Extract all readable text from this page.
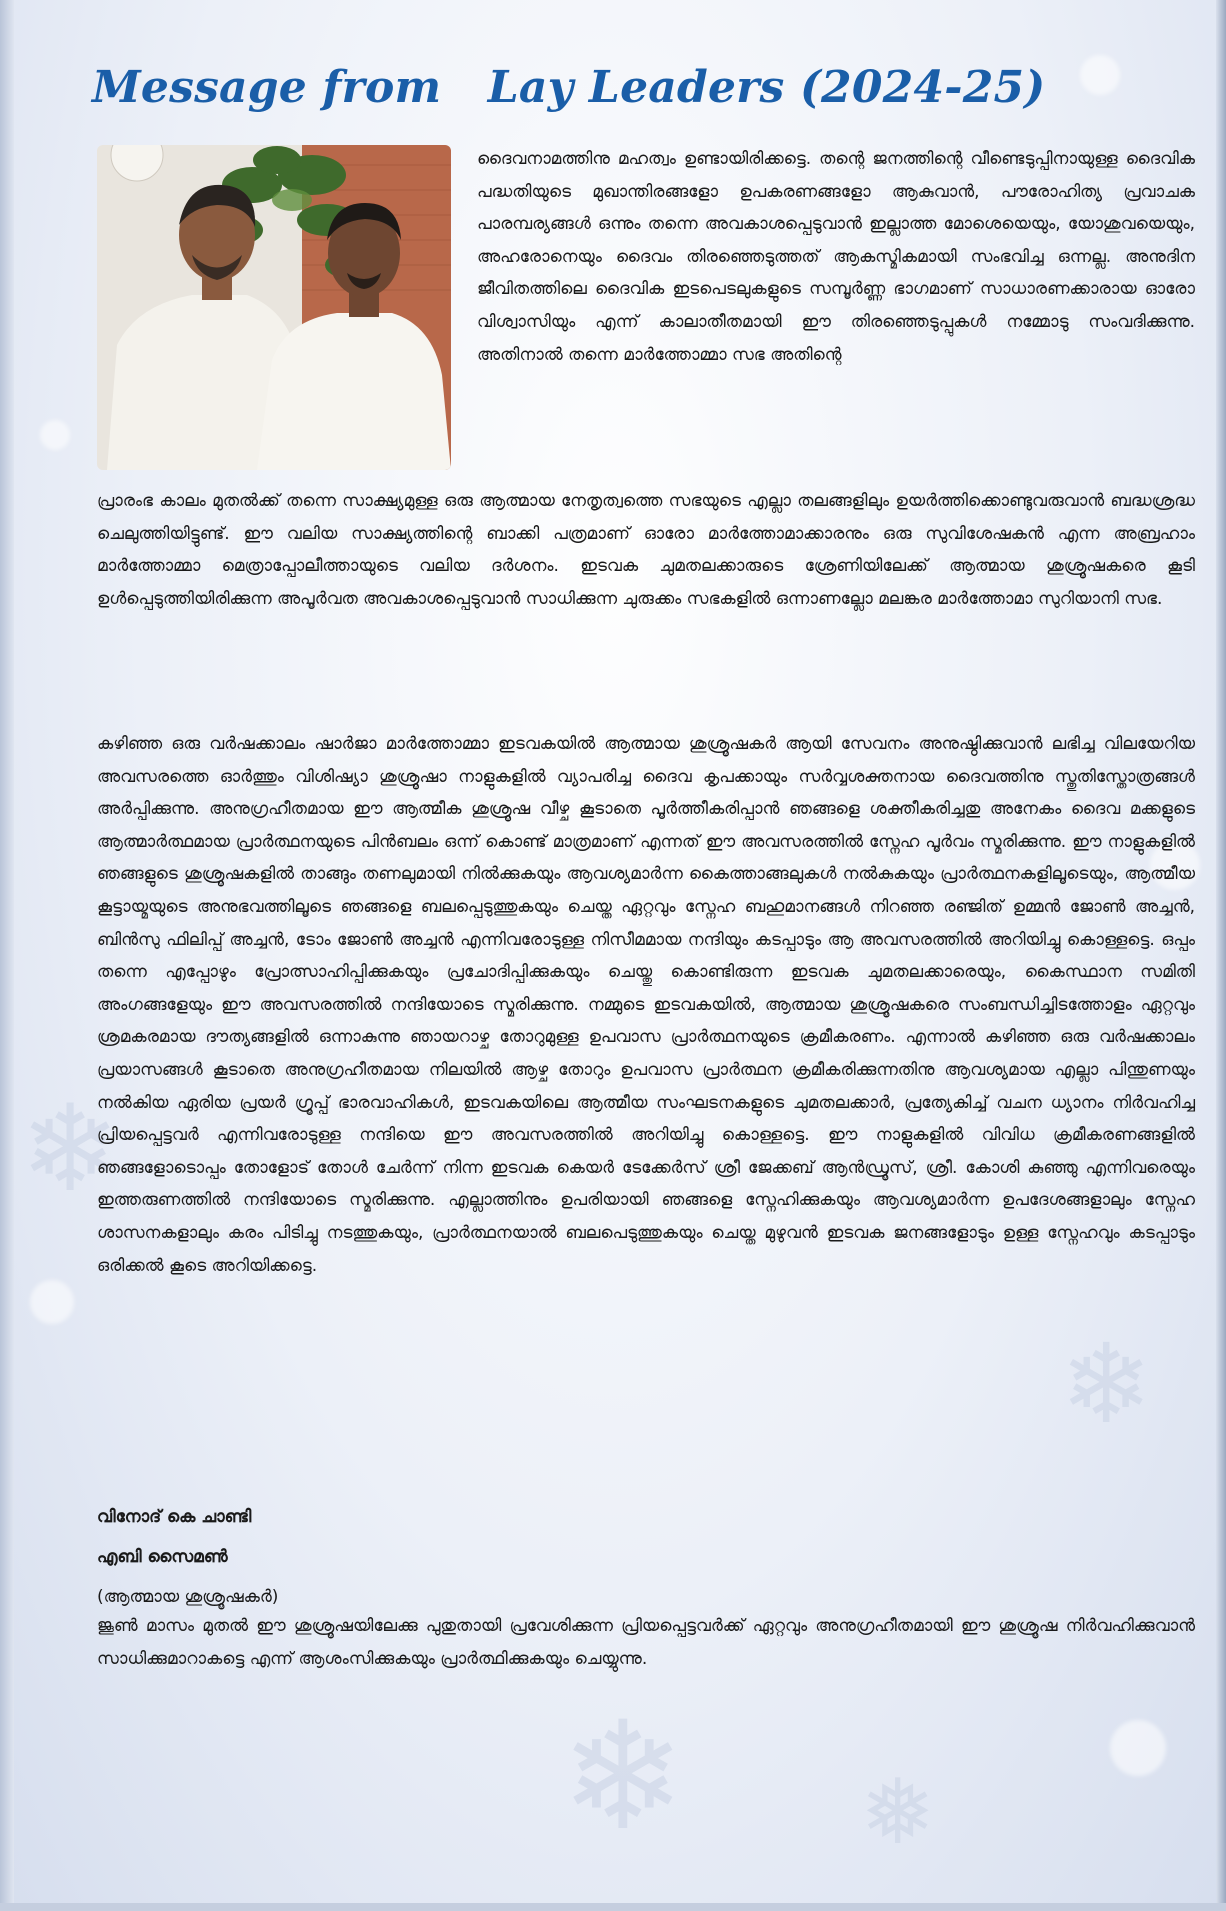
❄
❄
❄
❅
Message from   Lay Leaders (2024-25)
ദൈവനാമത്തിനു മഹത്വം ഉണ്ടായിരിക്കട്ടെ. തന്റെ ജനത്തിന്റെ വീണ്ടെടുപ്പിനായുള്ള ദൈവിക പദ്ധതിയുടെ മുഖാന്തിരങ്ങളോ ഉപകരണങ്ങളോ ആകുവാൻ, പൗരോഹിത്യ പ്രവാചക പാരമ്പര്യങ്ങൾ ഒന്നും തന്നെ അവകാശപ്പെടുവാൻ ഇല്ലാത്ത മോശെയെയും, യോശുവയെയും, അഹരോനെയും ദൈവം തിരഞ്ഞെടുത്തത് ആകസ്മികമായി സംഭവിച്ച ഒന്നല്ല. അനുദിന ജീവിതത്തിലെ ദൈവിക ഇടപെടലുകളുടെ സമ്പൂർണ്ണ ഭാഗമാണ് സാധാരണക്കാരായ ഓരോ വിശ്വാസിയും എന്ന് കാലാതീതമായി ഈ തിരഞ്ഞെടുപ്പുകൾ നമ്മോടു സംവദിക്കുന്നു. അതിനാൽ തന്നെ മാർത്തോമ്മാ സഭ അതിന്റെ
പ്രാരംഭ കാലം മുതൽക്ക് തന്നെ സാക്ഷ്യമുള്ള ഒരു ആത്മായ നേതൃത്വത്തെ സഭയുടെ എല്ലാ തലങ്ങളിലും ഉയർത്തിക്കൊണ്ടുവരുവാൻ ബദ്ധശ്രദ്ധ ചെലുത്തിയിട്ടുണ്ട്. ഈ വലിയ സാക്ഷ്യത്തിന്റെ ബാക്കി പത്രമാണ് ഓരോ മാർത്തോമാക്കാരനും ഒരു സുവിശേഷകൻ എന്ന അബ്രഹാം മാർത്തോമ്മാ മെത്രാപ്പോലീത്തായുടെ വലിയ ദർശനം. ഇടവക ചുമതലക്കാരുടെ ശ്രേണിയിലേക്ക് ആത്മായ ശുശ്രൂഷകരെ കൂടി ഉൾപ്പെടുത്തിയിരിക്കുന്ന അപൂർവത അവകാശപ്പെടുവാൻ സാധിക്കുന്ന ചുരുക്കം സഭകളിൽ ഒന്നാണല്ലോ മലങ്കര മാർത്തോമാ സുറിയാനി സഭ.
കഴിഞ്ഞ ഒരു വർഷക്കാലം ഷാർജാ മാർത്തോമ്മാ ഇടവകയിൽ ആത്മായ ശുശ്രൂഷകർ ആയി സേവനം അനുഷ്ഠിക്കുവാൻ ലഭിച്ച വിലയേറിയ അവസരത്തെ ഓർത്തും വിശിഷ്യാ ശുശ്രൂഷാ നാളുകളിൽ വ്യാപരിച്ച ദൈവ കൃപക്കായും സർവ്വശക്തനായ ദൈവത്തിനു സ്തുതിസ്തോത്രങ്ങൾ അർപ്പിക്കുന്നു. അനുഗ്രഹീതമായ ഈ ആത്മീക ശുശ്രൂഷ വീഴ്ച കൂടാതെ പൂർത്തീകരിപ്പാൻ ഞങ്ങളെ ശക്തീകരിച്ചതു അനേകം ദൈവ മക്കളുടെ ആത്മാർത്ഥമായ പ്രാർത്ഥനയുടെ പിൻബലം ഒന്ന് കൊണ്ട് മാത്രമാണ് എന്നത് ഈ അവസരത്തിൽ സ്നേഹ പൂർവം സ്മരിക്കുന്നു. ഈ നാളുകളിൽ ഞങ്ങളുടെ ശുശ്രൂഷകളിൽ താങ്ങും തണലുമായി നിൽക്കുകയും ആവശ്യമാർന്ന കൈത്താങ്ങലുകൾ നൽകുകയും പ്രാർത്ഥനകളിലൂടെയും, ആത്മീയ കൂട്ടായ്മയുടെ അനുഭവത്തിലൂടെ ഞങ്ങളെ ബലപ്പെടുത്തുകയും ചെയ്ത ഏറ്റവും സ്നേഹ ബഹുമാനങ്ങൾ നിറഞ്ഞ രഞ്ജിത് ഉമ്മൻ ജോൺ അച്ചൻ, ബിൻസു ഫിലിപ്പ് അച്ചൻ, ടോം ജോൺ അച്ചൻ എന്നിവരോടുള്ള നിസീമമായ നന്ദിയും കടപ്പാടും ആ അവസരത്തിൽ അറിയിച്ചു കൊള്ളട്ടെ. ഒപ്പം തന്നെ എപ്പോഴും പ്രോത്സാഹിപ്പിക്കുകയും പ്രചോദിപ്പിക്കുകയും ചെയ്തു കൊണ്ടിരുന്ന ഇടവക ചുമതലക്കാരെയും, കൈസ്ഥാന സമിതി അംഗങ്ങളേയും ഈ അവസരത്തിൽ നന്ദിയോടെ സ്മരിക്കുന്നു. നമ്മുടെ ഇടവകയിൽ, ആത്മായ ശുശ്രൂഷകരെ സംബന്ധിച്ചിടത്തോളം ഏറ്റവും ശ്രമകരമായ ദൗത്യങ്ങളിൽ ഒന്നാകുന്നു ഞായറാഴ്ച തോറുമുള്ള ഉപവാസ പ്രാർത്ഥനയുടെ ക്രമീകരണം. എന്നാൽ കഴിഞ്ഞ ഒരു വർഷക്കാലം പ്രയാസങ്ങൾ കൂടാതെ അനുഗ്രഹീതമായ നിലയിൽ ആഴ്ച തോറും ഉപവാസ പ്രാർത്ഥന ക്രമീകരിക്കുന്നതിനു ആവശ്യമായ എല്ലാ പിന്തുണയും നൽകിയ ഏരിയ പ്രയർ ഗ്രൂപ്പ് ഭാരവാഹികൾ, ഇടവകയിലെ ആത്മീയ സംഘടനകളുടെ ചുമതലക്കാർ, പ്രത്യേകിച്ച് വചന ധ്യാനം നിർവഹിച്ച പ്രിയപ്പെട്ടവർ എന്നിവരോടുള്ള നന്ദിയെ ഈ അവസരത്തിൽ അറിയിച്ചു കൊള്ളട്ടെ. ഈ നാളുകളിൽ വിവിധ ക്രമീകരണങ്ങളിൽ ഞങ്ങളോടൊപ്പം തോളോട് തോൾ ചേർന്ന് നിന്ന ഇടവക കെയർ ടേക്കേർസ് ശ്രീ ജേക്കബ് ആൻഡ്രൂസ്, ശ്രീ. കോശി കുഞ്ഞു എന്നിവരെയും ഇത്തരുണത്തിൽ നന്ദിയോടെ സ്മരിക്കുന്നു. എല്ലാത്തിനും ഉപരിയായി ഞങ്ങളെ സ്നേഹിക്കുകയും ആവശ്യമാർന്ന ഉപദേശങ്ങളാലും സ്നേഹ ശാസനകളാലും കരം പിടിച്ചു നടത്തുകയും, പ്രാർത്ഥനയാൽ ബലപെടുത്തുകയും ചെയ്ത മുഴുവൻ ഇടവക ജനങ്ങളോടും ഉള്ള സ്നേഹവും കടപ്പാടും ഒരിക്കൽ കൂടെ അറിയിക്കട്ടെ.
ജൂൺ മാസം മുതൽ ഈ ശുശ്രൂഷയിലേക്കു പുതുതായി പ്രവേശിക്കുന്ന പ്രിയപ്പെട്ടവർക്ക് ഏറ്റവും അനുഗ്രഹീതമായി ഈ ശുശ്രൂഷ നിർവഹിക്കുവാൻ സാധിക്കുമാറാകട്ടെ എന്ന് ആശംസിക്കുകയും പ്രാർത്ഥിക്കുകയും ചെയ്യുന്നു.
വിനോദ് കെ ചാണ്ടി
എബി സൈമൺ
(ആത്മായ ശുശ്രൂഷകർ)
